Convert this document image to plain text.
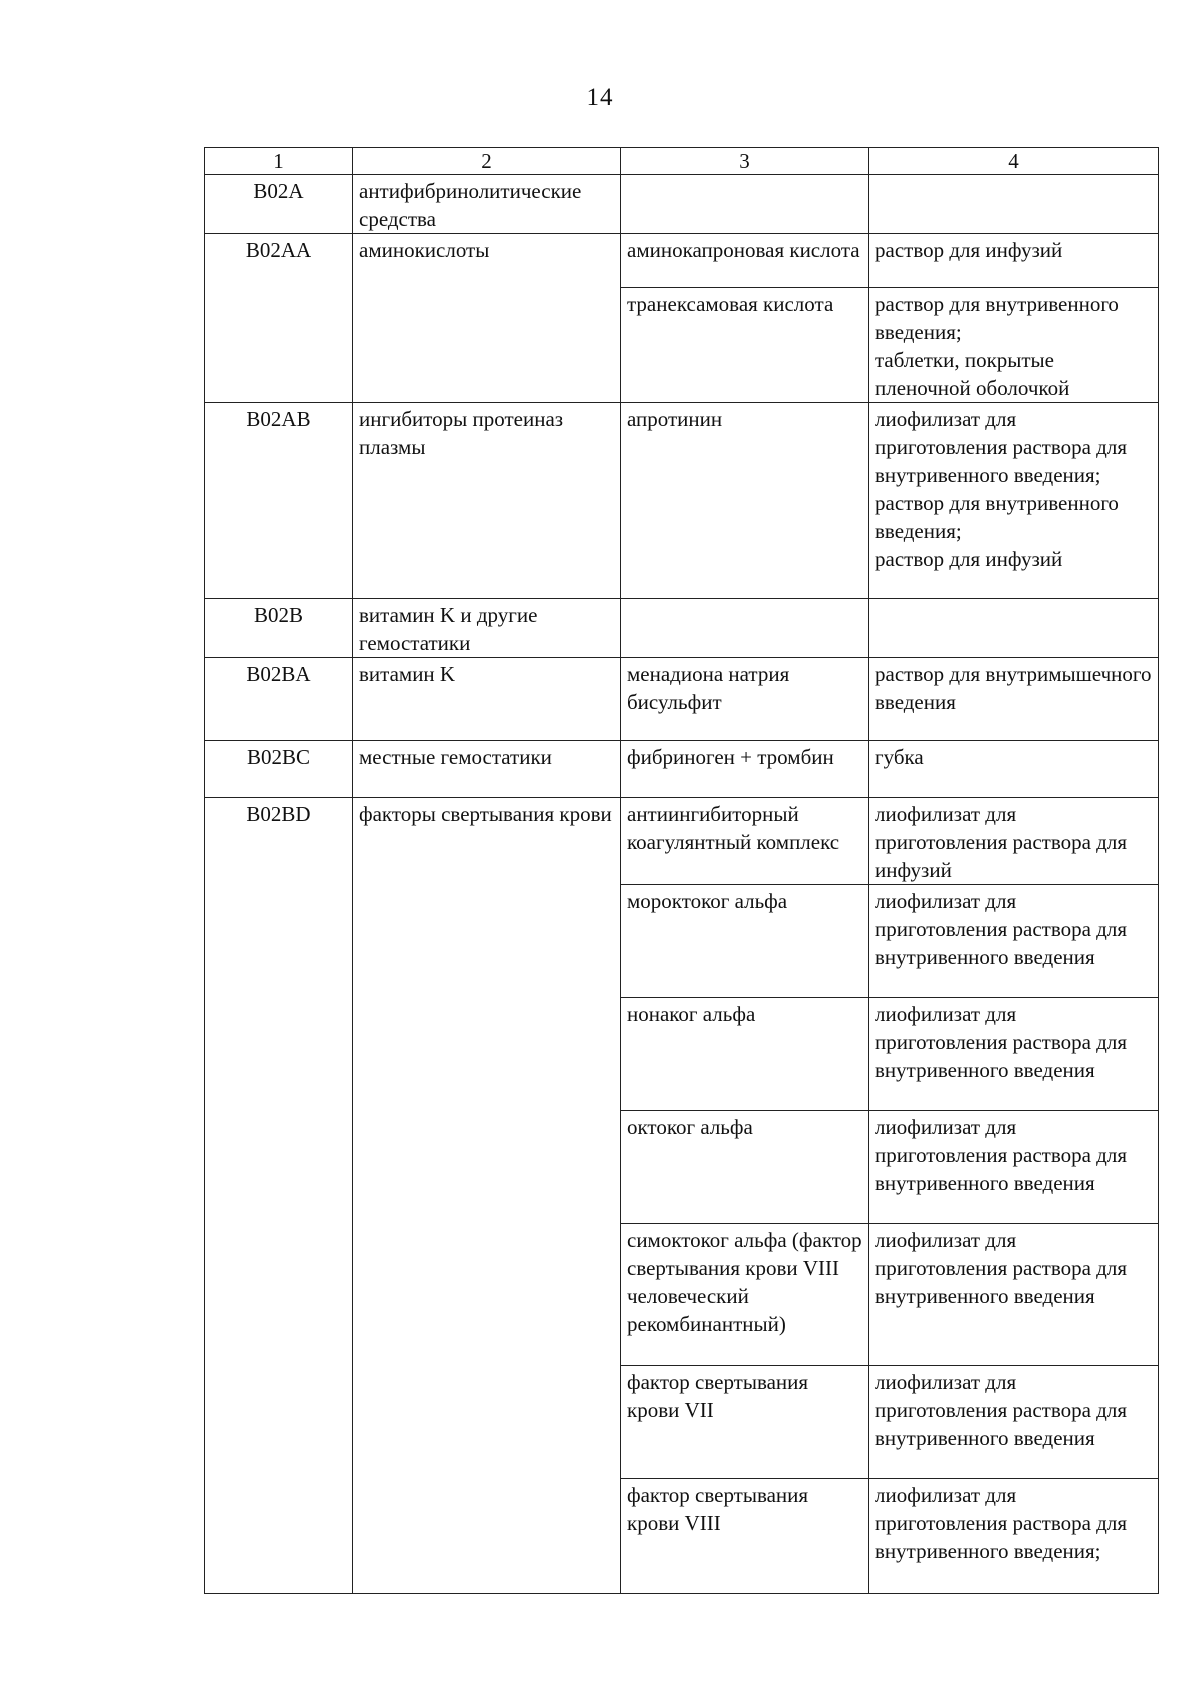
14
1	2	3	4
B02A	антифибринолитические средства		
B02AA	аминокислоты	аминокапроновая кислота	раствор для инфузий
		транексамовая кислота	раствор для внутривенного введения;
таблетки, покрытые пленочной оболочкой
B02AB	ингибиторы протеиназ плазмы	апротинин	лиофилизат для приготовления раствора для внутривенного введения;
раствор для внутривенного введения;
раствор для инфузий
B02B	витамин K и другие гемостатики		
B02BA	витамин K	менадиона натрия бисульфит	раствор для внутримышечного введения
B02BC	местные гемостатики	фибриноген + тромбин	губка
B02BD	факторы свертывания крови	антиингибиторный коагулянтный комплекс	лиофилизат для приготовления раствора для инфузий
		мороктоког альфа	лиофилизат для приготовления раствора для внутривенного введения
		нонаког альфа	лиофилизат для приготовления раствора для внутривенного введения
		октоког альфа	лиофилизат для приготовления раствора для внутривенного введения
		симоктоког альфа (фактор свертывания крови VIII человеческий рекомбинантный)	лиофилизат для приготовления раствора для внутривенного введения
		фактор свертывания крови VII	лиофилизат для приготовления раствора для внутривенного введения
		фактор свертывания крови VIII	лиофилизат для приготовления раствора для внутривенного введения;
